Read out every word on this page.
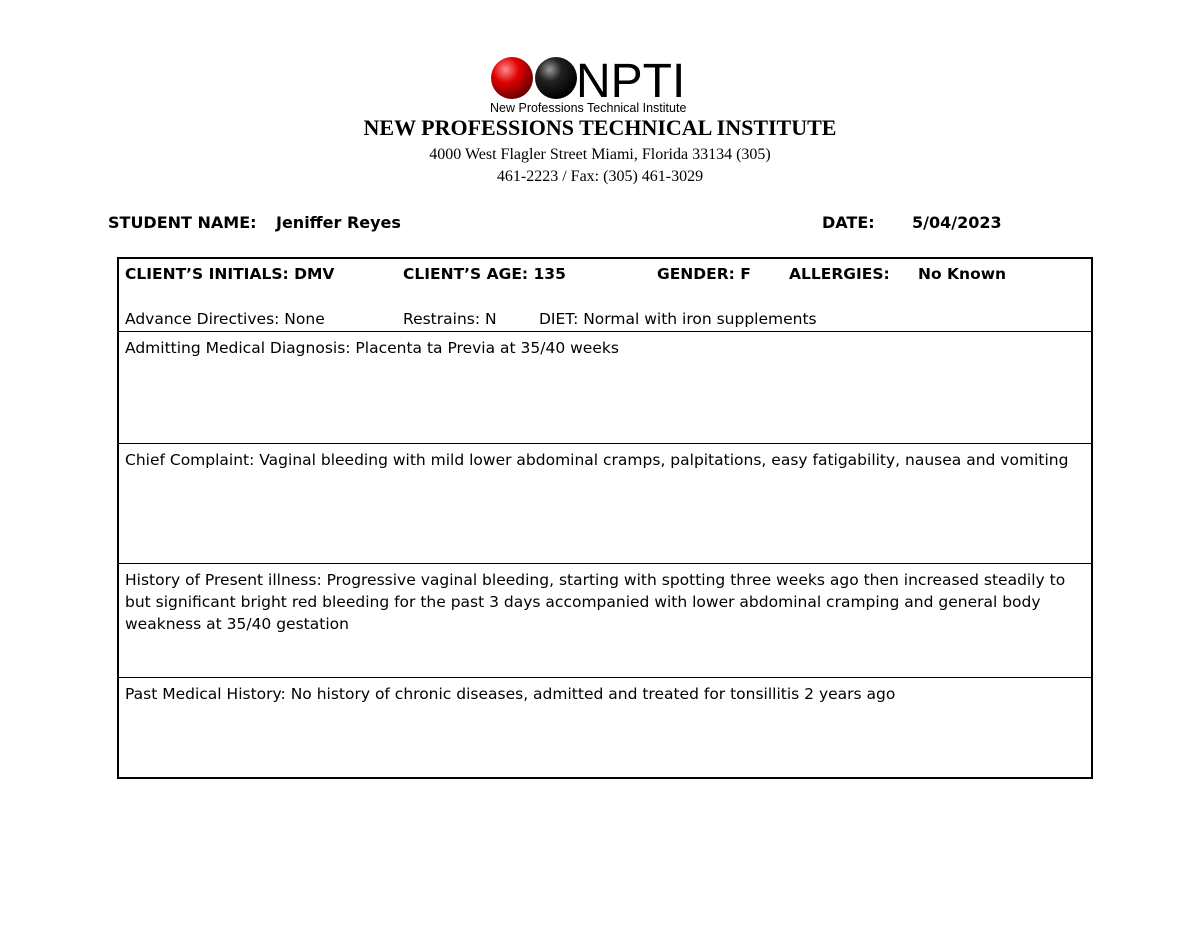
NPTI
New Professions Technical Institute
NEW PROFESSIONS TECHNICAL INSTITUTE
4000 West Flagler Street Miami, Florida 33134 (305)
461-2223 / Fax: (305) 461-3029
STUDENT NAME: Jeniffer Reyes	DATE: 5/04/2023
CLIENT’S INITIALS: DMV	CLIENT’S AGE: 135	GENDER: F ALLERGIES: No Known
Advance Directives: None	Restrains: N	DIET: Normal with iron supplements
Admitting Medical Diagnosis: Placenta ta Previa at 35/40 weeks
Chief Complaint: Vaginal bleeding with mild lower abdominal cramps, palpitations, easy fatigability, nausea and vomiting
History of Present illness: Progressive vaginal bleeding, starting with spotting three weeks ago then increased steadily to but significant bright red bleeding for the past 3 days accompanied with lower abdominal cramping and general body weakness at 35/40 gestation
Past Medical History: No history of chronic diseases, admitted and treated for tonsillitis 2 years ago
